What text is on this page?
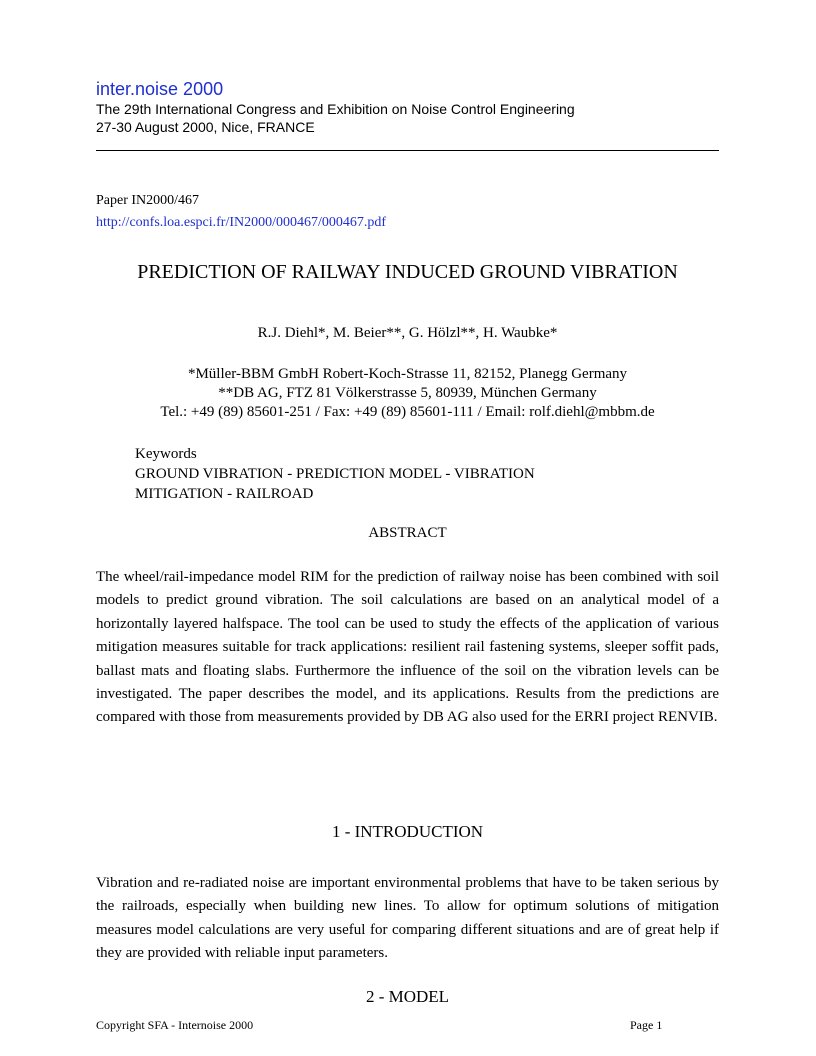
inter.noise 2000
The 29th International Congress and Exhibition on Noise Control Engineering
27-30 August 2000, Nice, FRANCE
Paper IN2000/467
http://confs.loa.espci.fr/IN2000/000467/000467.pdf
PREDICTION OF RAILWAY INDUCED GROUND VIBRATION
R.J. Diehl*, M. Beier**, G. Hölzl**, H. Waubke*
*Müller-BBM GmbH Robert-Koch-Strasse 11, 82152, Planegg Germany
**DB AG, FTZ 81 Völkerstrasse 5, 80939, München Germany
Tel.: +49 (89) 85601-251 / Fax: +49 (89) 85601-111 / Email: rolf.diehl@mbbm.de
Keywords
GROUND VIBRATION - PREDICTION MODEL - VIBRATION
MITIGATION - RAILROAD
ABSTRACT

The wheel/rail-impedance model RIM for the prediction of railway noise has been combined with soil models to predict ground vibration. The soil calculations are based on an analytical model of a horizontally layered halfspace. The tool can be used to study the effects of the application of various mitigation measures suitable for track applications: resilient rail fastening systems, sleeper soffit pads, ballast mats and floating slabs. Furthermore the influence of the soil on the vibration levels can be investigated. The paper describes the model, and its applications. Results from the predictions are compared with those from measurements provided by DB AG also used for the ERRI project RENVIB.

1 - INTRODUCTION

Vibration and re-radiated noise are important environmental problems that have to be taken serious by the railroads, especially when building new lines. To allow for optimum solutions of mitigation measures model calculations are very useful for comparing different situations and are of great help if they are provided with reliable input parameters.

2 - MODEL
Copyright SFA - Internoise 2000	Page 1
